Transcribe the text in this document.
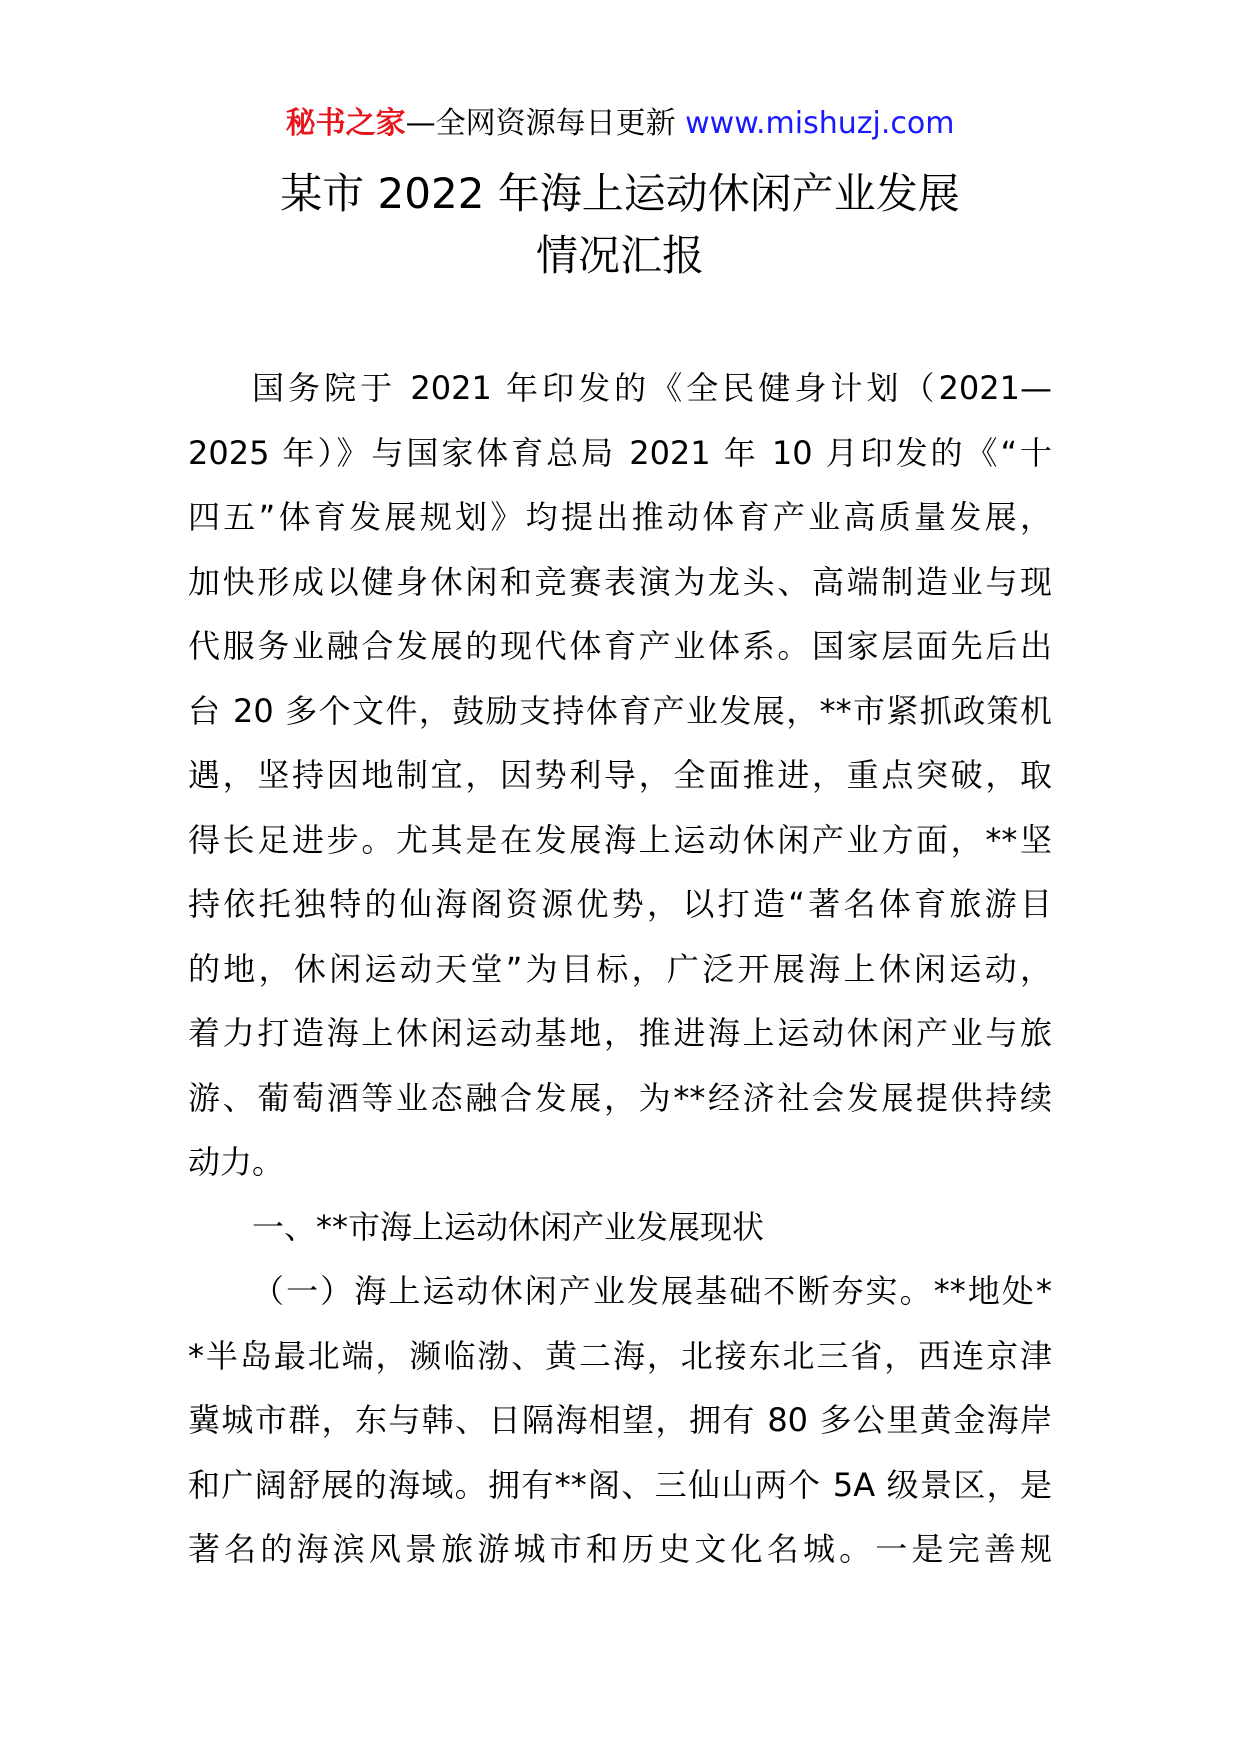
秘书之家—全网资源每日更新 www.mishuzj.com
某市 2022 年海上运动休闲产业发展
情况汇报
国务院于 2021 年印发的《全民健身计划（2021—
2025 年）》与国家体育总局 2021 年 10 月印发的《“十
四五”体育发展规划》均提出推动体育产业高质量发展，
加快形成以健身休闲和竞赛表演为龙头、高端制造业与现
代服务业融合发展的现代体育产业体系。国家层面先后出
台 20 多个文件，鼓励支持体育产业发展，**市紧抓政策机
遇，坚持因地制宜，因势利导，全面推进，重点突破，取
得长足进步。尤其是在发展海上运动休闲产业方面，**坚
持依托独特的仙海阁资源优势，以打造“著名体育旅游目
的地，休闲运动天堂”为目标，广泛开展海上休闲运动，
着力打造海上休闲运动基地，推进海上运动休闲产业与旅
游、葡萄酒等业态融合发展，为**经济社会发展提供持续
动力。
一、**市海上运动休闲产业发展现状
（一）海上运动休闲产业发展基础不断夯实。**地处*
*半岛最北端，濒临渤、黄二海，北接东北三省，西连京津
冀城市群，东与韩、日隔海相望，拥有 80 多公里黄金海岸
和广阔舒展的海域。拥有**阁、三仙山两个 5A 级景区，是
著名的海滨风景旅游城市和历史文化名城。一是完善规
